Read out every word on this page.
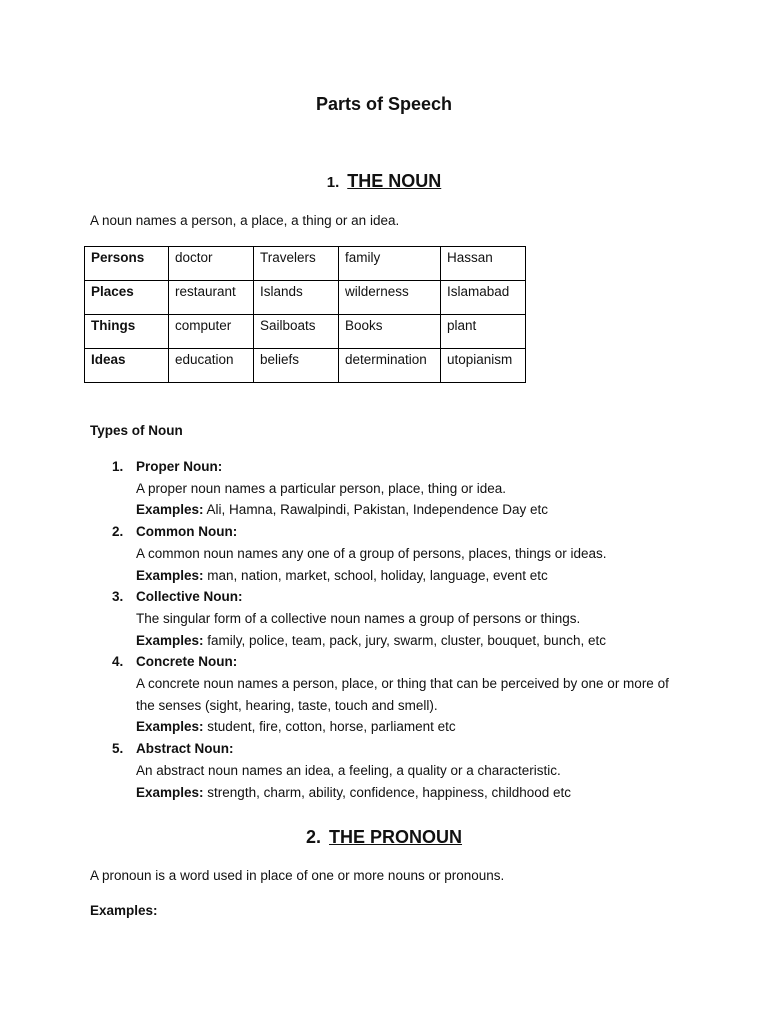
Parts of Speech
1. THE NOUN
A noun names a person, a place, a thing or an idea.
Persons	doctor	Travelers	family	Hassan
Places	restaurant	Islands	wilderness	Islamabad
Things	computer	Sailboats	Books	plant
Ideas	education	beliefs	determination	utopianism
Types of Noun
1. Proper Noun:
A proper noun names a particular person, place, thing or idea.
Examples: Ali, Hamna, Rawalpindi, Pakistan, Independence Day etc
2. Common Noun:
A common noun names any one of a group of persons, places, things or ideas.
Examples: man, nation, market, school, holiday, language, event etc
3. Collective Noun:
The singular form of a collective noun names a group of persons or things.
Examples: family, police, team, pack, jury, swarm, cluster, bouquet, bunch, etc
4. Concrete Noun:
A concrete noun names a person, place, or thing that can be perceived by one or more of the senses (sight, hearing, taste, touch and smell).
Examples: student, fire, cotton, horse, parliament etc
5. Abstract Noun:
An abstract noun names an idea, a feeling, a quality or a characteristic.
Examples: strength, charm, ability, confidence, happiness, childhood etc
2. THE PRONOUN
A pronoun is a word used in place of one or more nouns or pronouns.
Examples:
